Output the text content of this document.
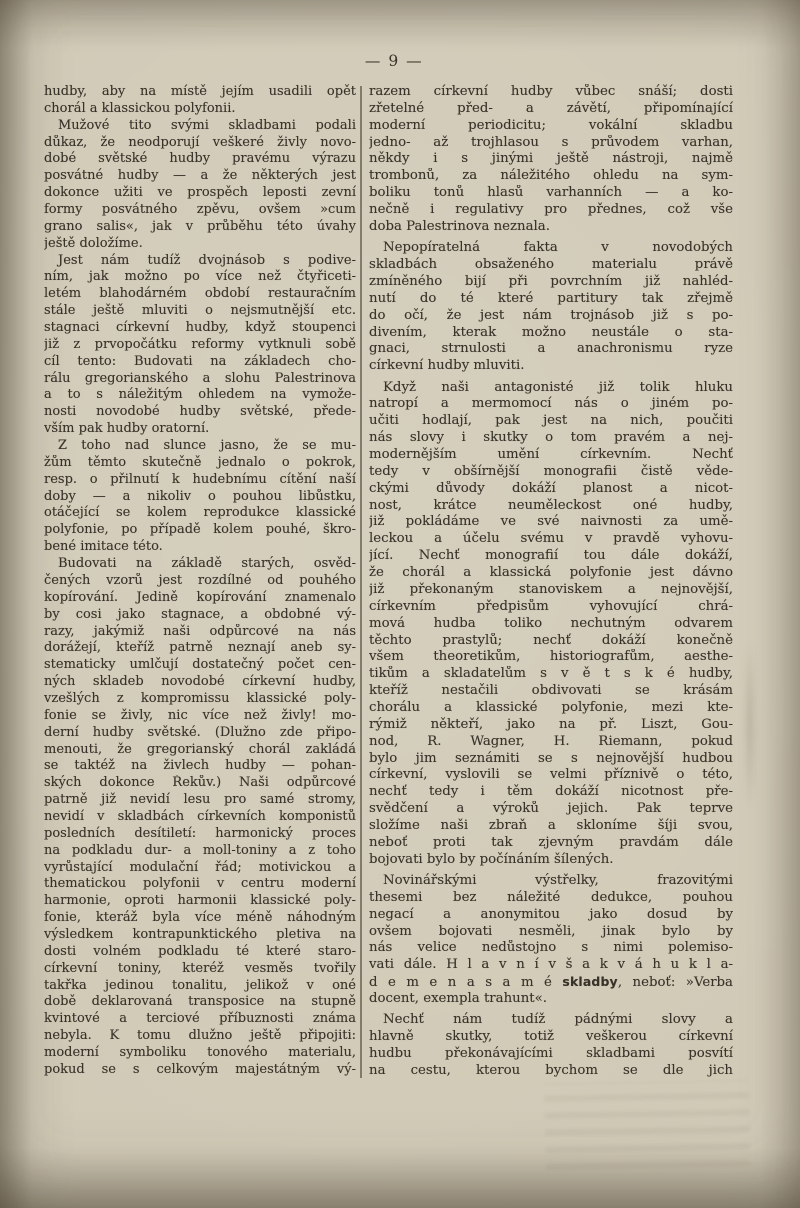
— 9 —
hudby, aby na místě jejím usadili opět
chorál a klassickou polyfonii.
Mužové tito svými skladbami podali
důkaz, že neodporují veškeré živly novo-
dobé světské hudby pravému výrazu
posvátné hudby — a že některých jest
dokonce užiti ve prospěch leposti zevní
formy posvátného zpěvu, ovšem »cum
grano salis«, jak v průběhu této úvahy
ještě doložíme.
Jest nám tudíž dvojnásob s podive-
ním, jak možno po více než čtyřiceti-
letém blahodárném období restauračním
stále ještě mluviti o nejsmutnější etc.
stagnaci církevní hudby, když stoupenci
již z prvopočátku reformy vytknuli sobě
cíl tento: Budovati na základech cho-
rálu gregorianského a slohu Palestrinova
a to s náležitým ohledem na vymože-
nosti novodobé hudby světské, přede-
vším pak hudby oratorní.
Z toho nad slunce jasno, že se mu-
žům těmto skutečně jednalo o pokrok,
resp. o přilnutí k hudebnímu cítění naší
doby — a nikoliv o pouhou libůstku,
otáčející se kolem reprodukce klassické
polyfonie, po případě kolem pouhé, škro-
bené imitace této.
Budovati na základě starých, osvěd-
čených vzorů jest rozdílné od pouhého
kopírování. Jedině kopírování znamenalo
by cosi jako stagnace, a obdobné vý-
razy, jakýmiž naši odpůrcové na nás
dorážejí, kteříž patrně neznají aneb sy-
stematicky umlčují dostatečný počet cen-
ných skladeb novodobé církevní hudby,
vzešlých z kompromissu klassické poly-
fonie se živly, nic více než živly! mo-
derní hudby světské. (Dlužno zde připo-
menouti, že gregorianský chorál zakládá
se taktéž na živlech hudby — pohan-
ských dokonce Řekův.) Naši odpůrcové
patrně již nevidí lesu pro samé stromy,
nevidí v skladbách církevních komponistů
posledních desítiletí: harmonický proces
na podkladu dur- a moll-toniny a z toho
vyrůstající modulační řád; motivickou a
thematickou polyfonii v centru moderní
harmonie, oproti harmonii klassické poly-
fonie, kteráž byla více méně náhodným
výsledkem kontrapunktického pletiva na
dosti volném podkladu té které staro-
církevní toniny, kteréž vesměs tvořily
takřka jedinou tonalitu, jelikož v oné
době deklarovaná transposice na stupně
kvintové a terciové příbuznosti známa
nebyla. K tomu dlužno ještě připojiti:
moderní symboliku tonového materialu,
pokud se s celkovým majestátným vý-
razem církevní hudby vůbec snáší; dosti
zřetelné před- a závětí, připomínající
moderní periodicitu; vokální skladbu
jedno- až trojhlasou s průvodem varhan,
někdy i s jinými ještě nástroji, najmě
trombonů, za náležitého ohledu na sym-
boliku tonů hlasů varhanních — a ko-
nečně i regulativy pro přednes, což vše
doba Palestrinova neznala.
Nepopíratelná fakta v novodobých
skladbách obsaženého materialu právě
zmíněného bijí při povrchním již nahléd-
nutí do té které partitury tak zřejmě
do očí, že jest nám trojnásob již s po-
divením, kterak možno neustále o sta-
gnaci, strnulosti a anachronismu ryze
církevní hudby mluviti.
Když naši antagonisté již tolik hluku
natropí a mermomocí nás o jiném po-
učiti hodlají, pak jest na nich, poučiti
nás slovy i skutky o tom pravém a nej-
modernějším umění církevním. Nechť
tedy v obšírnější monografii čistě věde-
ckými důvody dokáží planost a nicot-
nost, krátce neuměleckost oné hudby,
již pokládáme ve své naivnosti za umě-
leckou a účelu svému v pravdě vyhovu-
jící. Nechť monografií tou dále dokáží,
že chorál a klassická polyfonie jest dávno
již překonaným stanoviskem a nejnovější,
církevním předpisům vyhovující chrá-
mová hudba toliko nechutným odvarem
těchto prastylů; nechť dokáží konečně
všem theoretikům, historiografům, aesthe-
tikům a skladatelům s v ě t s k é hudby,
kteříž nestačili obdivovati se krásám
chorálu a klassické polyfonie, mezi kte-
rýmiž někteří, jako na př. Liszt, Gou-
nod, R. Wagner, H. Riemann, pokud
bylo jim seznámiti se s nejnovější hudbou
církevní, vyslovili se velmi příznivě o této,
nechť tedy i těm dokáží nicotnost pře-
svědčení a výroků jejich. Pak teprve
složíme naši zbraň a skloníme šíji svou,
neboť proti tak zjevným pravdám dále
bojovati bylo by počínáním šílených.
Novinářskými výstřelky, frazovitými
thesemi bez náležité dedukce, pouhou
negací a anonymitou jako dosud by
ovšem bojovati nesměli, jinak bylo by
nás velice nedůstojno s nimi polemiso-
vati dále. H l a v n í v š a k v á h u k l a-
d e m e n a s a m é skladby, neboť: »Verba
docent, exempla trahunt«.
Nechť nám tudíž pádnými slovy a
hlavně skutky, totiž veškerou církevní
hudbu překonávajícími skladbami posvítí
na cestu, kterou bychom se dle jich
